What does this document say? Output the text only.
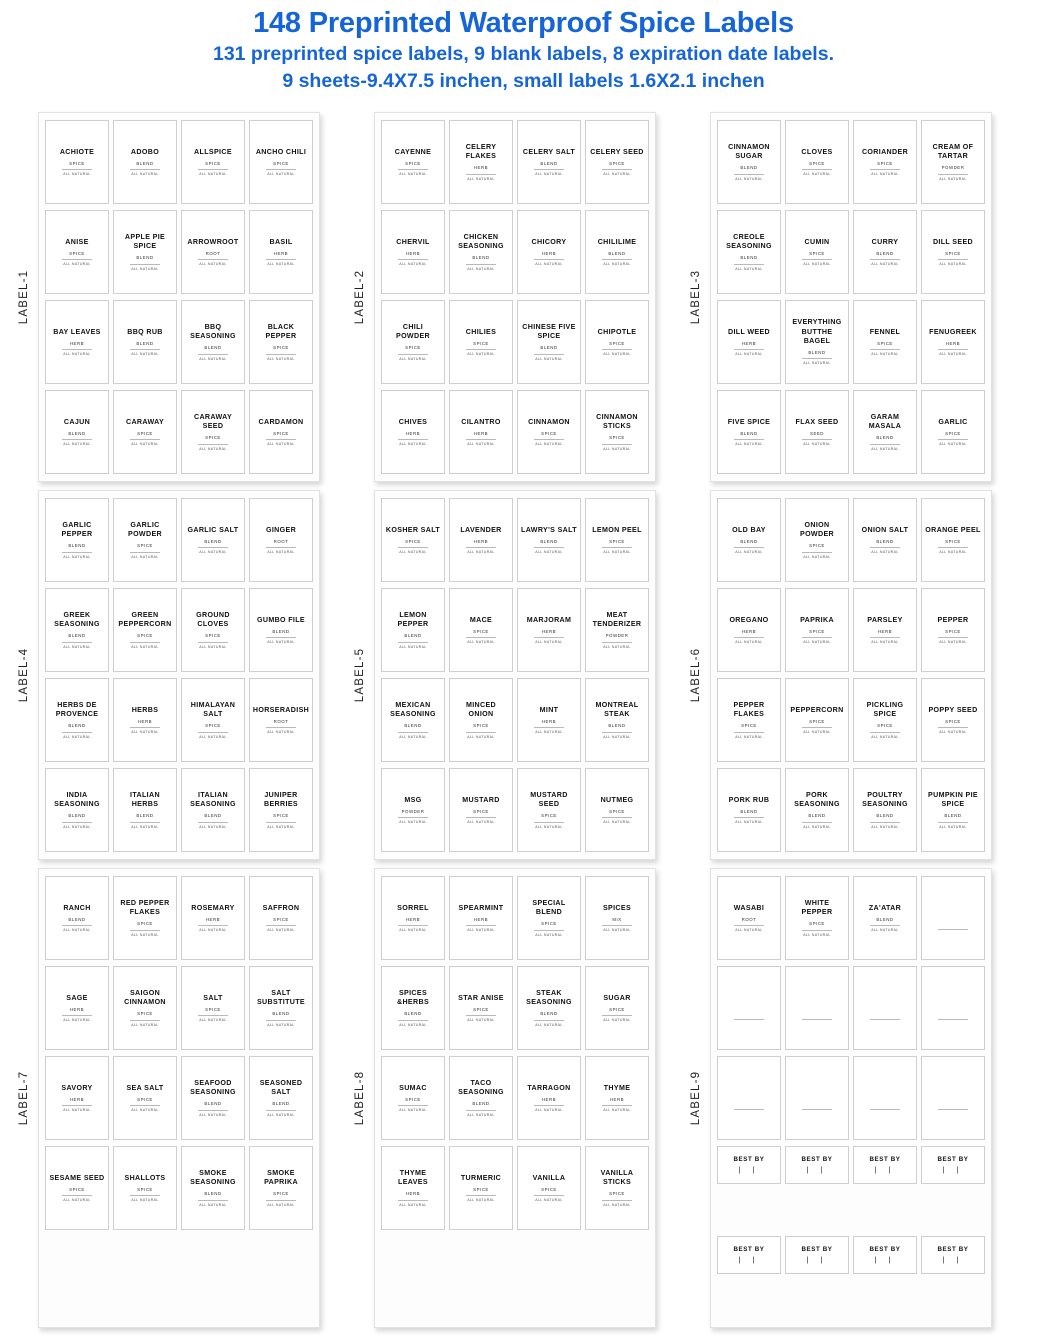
148 Preprinted Waterproof Spice Labels
131 preprinted spice labels, 9 blank labels, 8 expiration date labels.
9 sheets-9.4X7.5 inchen, small labels 1.6X2.1 inchen
LABEL-1
ACHIOTE
SPICE
ALL NATURAL
ADOBO
BLEND
ALL NATURAL
ALLSPICE
SPICE
ALL NATURAL
ANCHO CHILI
SPICE
ALL NATURAL
ANISE
SPICE
ALL NATURAL
APPLE PIE SPICE
BLEND
ALL NATURAL
ARROWROOT
ROOT
ALL NATURAL
BASIL
HERB
ALL NATURAL
BAY LEAVES
HERB
ALL NATURAL
BBQ RUB
BLEND
ALL NATURAL
BBQ SEASONING
BLEND
ALL NATURAL
BLACK PEPPER
SPICE
ALL NATURAL
CAJUN
BLEND
ALL NATURAL
CARAWAY
SPICE
ALL NATURAL
CARAWAY SEED
SPICE
ALL NATURAL
CARDAMON
SPICE
ALL NATURAL
LABEL-2
CAYENNE
SPICE
ALL NATURAL
CELERY FLAKES
HERB
ALL NATURAL
CELERY SALT
BLEND
ALL NATURAL
CELERY SEED
SPICE
ALL NATURAL
CHERVIL
HERB
ALL NATURAL
CHICKEN SEASONING
BLEND
ALL NATURAL
CHICORY
HERB
ALL NATURAL
CHILILIME
BLEND
ALL NATURAL
CHILI POWDER
SPICE
ALL NATURAL
CHILIES
SPICE
ALL NATURAL
CHINESE FIVE SPICE
BLEND
ALL NATURAL
CHIPOTLE
SPICE
ALL NATURAL
CHIVES
HERB
ALL NATURAL
CILANTRO
HERB
ALL NATURAL
CINNAMON
SPICE
ALL NATURAL
CINNAMON STICKS
SPICE
ALL NATURAL
LABEL-3
CINNAMON SUGAR
BLEND
ALL NATURAL
CLOVES
SPICE
ALL NATURAL
CORIANDER
SPICE
ALL NATURAL
CREAM OF TARTAR
POWDER
ALL NATURAL
CREOLE SEASONING
BLEND
ALL NATURAL
CUMIN
SPICE
ALL NATURAL
CURRY
BLEND
ALL NATURAL
DILL SEED
SPICE
ALL NATURAL
DILL WEED
HERB
ALL NATURAL
EVERYTHING BUTTHE BAGEL
BLEND
ALL NATURAL
FENNEL
SPICE
ALL NATURAL
FENUGREEK
HERB
ALL NATURAL
FIVE SPICE
BLEND
ALL NATURAL
FLAX SEED
SEED
ALL NATURAL
GARAM MASALA
BLEND
ALL NATURAL
GARLIC
SPICE
ALL NATURAL
LABEL-4
GARLIC PEPPER
BLEND
ALL NATURAL
GARLIC POWDER
SPICE
ALL NATURAL
GARLIC SALT
BLEND
ALL NATURAL
GINGER
ROOT
ALL NATURAL
GREEK SEASONING
BLEND
ALL NATURAL
GREEN PEPPERCORN
SPICE
ALL NATURAL
GROUND CLOVES
SPICE
ALL NATURAL
GUMBO FILE
BLEND
ALL NATURAL
HERBS DE PROVENCE
BLEND
ALL NATURAL
HERBS
HERB
ALL NATURAL
HIMALAYAN SALT
SPICE
ALL NATURAL
HORSERADISH
ROOT
ALL NATURAL
INDIA SEASONING
BLEND
ALL NATURAL
ITALIAN HERBS
BLEND
ALL NATURAL
ITALIAN SEASONING
BLEND
ALL NATURAL
JUNIPER BERRIES
SPICE
ALL NATURAL
LABEL-5
KOSHER SALT
SPICE
ALL NATURAL
LAVENDER
HERB
ALL NATURAL
LAWRY'S SALT
BLEND
ALL NATURAL
LEMON PEEL
SPICE
ALL NATURAL
LEMON PEPPER
BLEND
ALL NATURAL
MACE
SPICE
ALL NATURAL
MARJORAM
HERB
ALL NATURAL
MEAT TENDERIZER
POWDER
ALL NATURAL
MEXICAN SEASONING
BLEND
ALL NATURAL
MINCED ONION
SPICE
ALL NATURAL
MINT
HERB
ALL NATURAL
MONTREAL STEAK
BLEND
ALL NATURAL
MSG
POWDER
ALL NATURAL
MUSTARD
SPICE
ALL NATURAL
MUSTARD SEED
SPICE
ALL NATURAL
NUTMEG
SPICE
ALL NATURAL
LABEL-6
OLD BAY
BLEND
ALL NATURAL
ONION POWDER
SPICE
ALL NATURAL
ONION SALT
BLEND
ALL NATURAL
ORANGE PEEL
SPICE
ALL NATURAL
OREGANO
HERB
ALL NATURAL
PAPRIKA
SPICE
ALL NATURAL
PARSLEY
HERB
ALL NATURAL
PEPPER
SPICE
ALL NATURAL
PEPPER FLAKES
SPICE
ALL NATURAL
PEPPERCORN
SPICE
ALL NATURAL
PICKLING SPICE
SPICE
ALL NATURAL
POPPY SEED
SPICE
ALL NATURAL
PORK RUB
BLEND
ALL NATURAL
PORK SEASONING
BLEND
ALL NATURAL
POULTRY SEASONING
BLEND
ALL NATURAL
PUMPKIN PIE SPICE
BLEND
ALL NATURAL
LABEL-7
RANCH
BLEND
ALL NATURAL
RED PEPPER FLAKES
SPICE
ALL NATURAL
ROSEMARY
HERB
ALL NATURAL
SAFFRON
SPICE
ALL NATURAL
SAGE
HERB
ALL NATURAL
SAIGON CINNAMON
SPICE
ALL NATURAL
SALT
SPICE
ALL NATURAL
SALT SUBSTITUTE
BLEND
ALL NATURAL
SAVORY
HERB
ALL NATURAL
SEA SALT
SPICE
ALL NATURAL
SEAFOOD SEASONING
BLEND
ALL NATURAL
SEASONED SALT
BLEND
ALL NATURAL
SESAME SEED
SPICE
ALL NATURAL
SHALLOTS
SPICE
ALL NATURAL
SMOKE SEASONING
BLEND
ALL NATURAL
SMOKE PAPRIKA
SPICE
ALL NATURAL
LABEL-8
SORREL
HERB
ALL NATURAL
SPEARMINT
HERB
ALL NATURAL
SPECIAL BLEND
SPICE
ALL NATURAL
SPICES
MIX
ALL NATURAL
SPICES &HERBS
BLEND
ALL NATURAL
STAR ANISE
SPICE
ALL NATURAL
STEAK SEASONING
BLEND
ALL NATURAL
SUGAR
SPICE
ALL NATURAL
SUMAC
SPICE
ALL NATURAL
TACO SEASONING
BLEND
ALL NATURAL
TARRAGON
HERB
ALL NATURAL
THYME
HERB
ALL NATURAL
THYME LEAVES
HERB
ALL NATURAL
TURMERIC
SPICE
ALL NATURAL
VANILLA
SPICE
ALL NATURAL
VANILLA STICKS
SPICE
ALL NATURAL
LABEL-9
WASABI
ROOT
ALL NATURAL
WHITE PEPPER
SPICE
ALL NATURAL
ZA'ATAR
BLEND
ALL NATURAL
BEST BY
| |
BEST BY
| |
BEST BY
| |
BEST BY
| |
BEST BY
| |
BEST BY
| |
BEST BY
| |
BEST BY
| |
